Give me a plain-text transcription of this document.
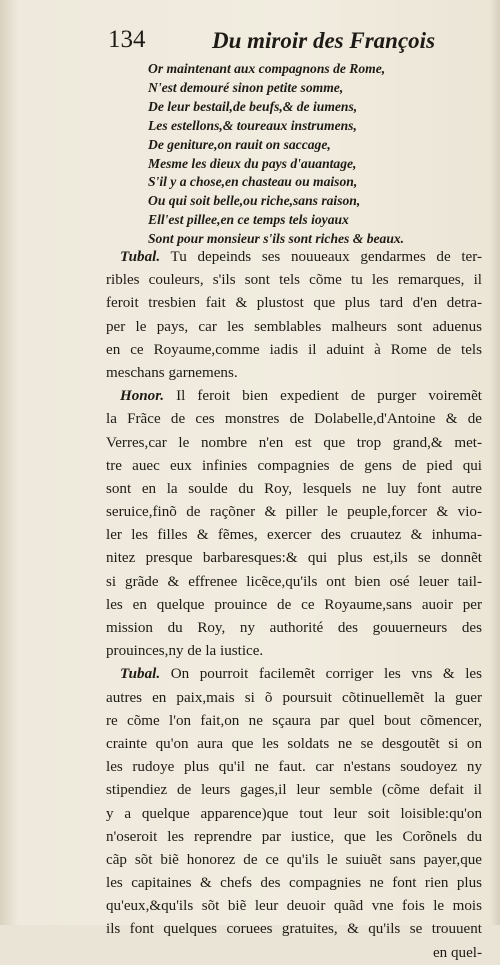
134	Du miroir des François
Or maintenant aux compagnons de Rome,
N'est demouré sinon petite somme,
De leur bestail,de beufs,& de iumens,
Les estellons,& toureaux instrumens,
De geniture,on rauit on saccage,
Mesme les dieux du pays d'auantage,
S'il y a chose,en chasteau ou maison,
Ou qui soit belle,ou riche,sans raison,
Ell'est pillee,en ce temps tels ioyaux
Sont pour monsieur s'ils sont riches & beaux.
Tubal. Tu depeinds ses nouueaux gendarmes de ter-
ribles couleurs, s'ils sont tels cõme tu les remarques, il
feroit tresbien fait & plustost que plus tard d'en detra-
per le pays, car les semblables malheurs sont aduenus
en ce Royaume,comme iadis il aduint à Rome de tels
meschans garnemens.
Honor. Il feroit bien expedient de purger voiremẽt
la Frãce de ces monstres de Dolabelle,d'Antoine & de
Verres,car le nombre n'en est que trop grand,& met-
tre auec eux infinies compagnies de gens de pied qui
sont en la soulde du Roy, lesquels ne luy font autre
seruice,finõ de raçõner & piller le peuple,forcer & vio-
ler les filles & fẽmes, exercer des cruautez & inhuma-
nitez presque barbaresques:& qui plus est,ils se donnẽt
si grãde & effrenee licẽce,qu'ils ont bien osé leuer tail-
les en quelque prouince de ce Royaume,sans auoir per
mission du Roy, ny authorité des gouuerneurs des
prouinces,ny de la iustice.
Tubal. On pourroit facilemẽt corriger les vns & les
autres en paix,mais si õ poursuit cõtinuellemẽt la guer
re cõme l'on fait,on ne sçaura par quel bout cõmencer,
crainte qu'on aura que les soldats ne se desgoutẽt si on
les rudoye plus qu'il ne faut. car n'estans soudoyez ny
stipendiez de leurs gages,il leur semble (cõme defait il
y a quelque apparence)que tout leur soit loisible:qu'on
n'oseroit les reprendre par iustice, que les Corõnels du
cãp sõt biẽ honorez de ce qu'ils le suiuẽt sans payer,que
les capitaines & chefs des compagnies ne font rien plus
qu'eux,&qu'ils sõt biẽ leur deuoir quãd vne fois le mois
ils font quelques coruees gratuites, & qu'ils se trouuent
en quel-
